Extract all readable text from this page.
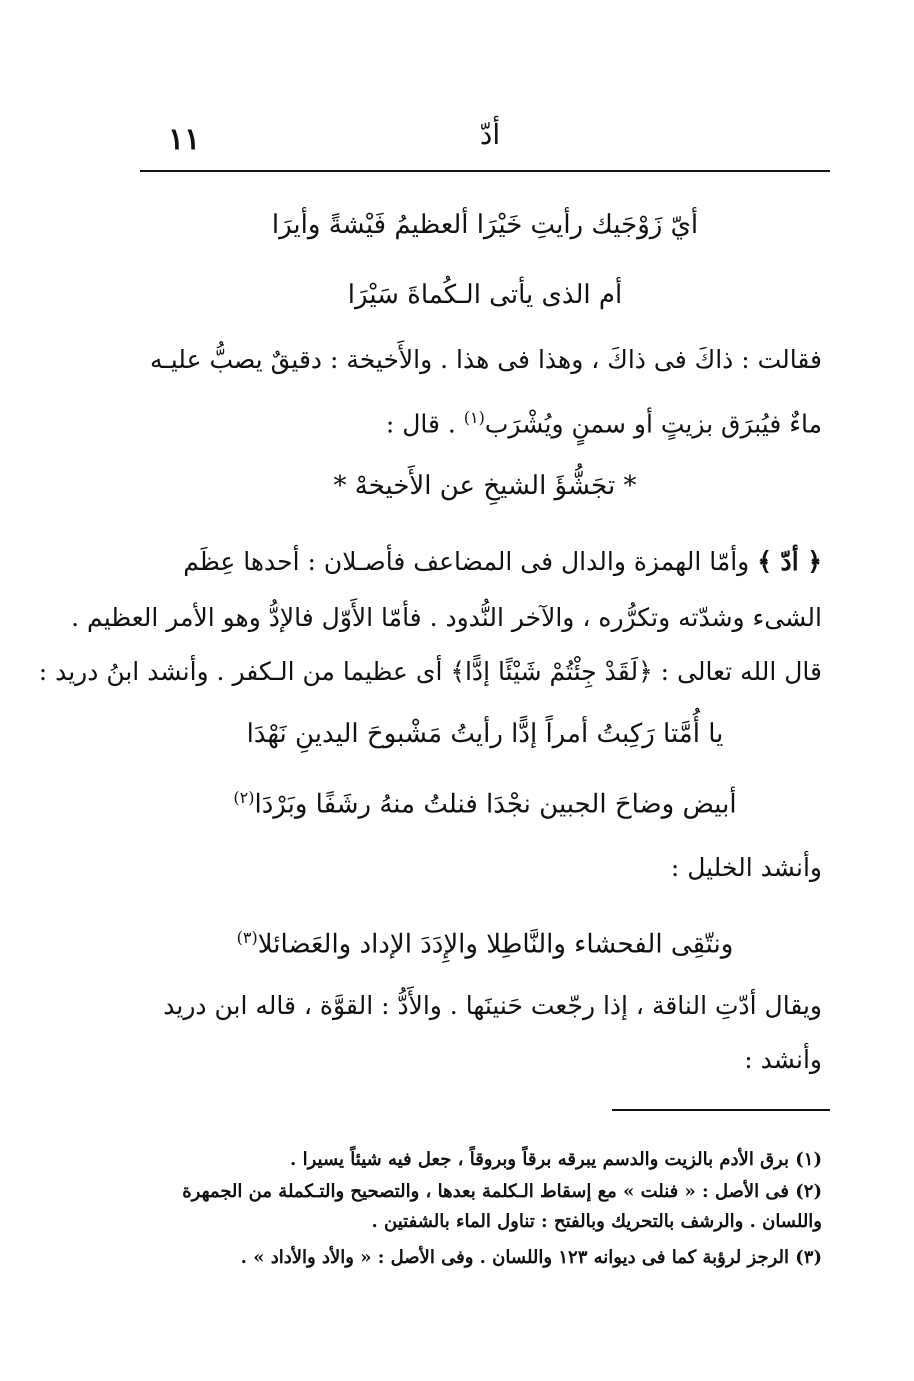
١١	أدّ
أيّ زَوْجَيك رأيتِ خَيْرَا ألعظيمُ فَيْشةً وأيرَا
أم الذى يأتى الـكُماةَ سَيْرَا
فقالت : ذاكَ فى ذاكَ ، وهذا فى هذا . والأَخيخة : دقيقٌ يصبُّ عليـه
ماءٌ فيُبرَق بزيتٍ أو سمنٍ ويُشْرَب$^{(١)}$ . قال :
* تجَشُّؤَ الشيخِ عن الأَخيخهْ *
﴿ أدّ ﴾ وأمّا الهمزة والدال فى المضاعف فأصـلان : أحدها عِظَم
الشىء وشدّته وتكرُّره ، والآخر النُّدود . فأمّا الأَوّل فالإدُّ وهو الأمر العظيم .
قال الله تعالى : ﴿لَقَدْ جِئْتُمْ شَيْئًا إدًّا﴾ أى عظيما من الـكفر . وأنشد ابنُ دريد :
يا أُمَّتا رَكِبتُ أمراً إدًّا رأيتُ مَشْبوحَ اليدينِ نَهْدَا
أبيض وضاحَ الجبين نجْدَا فنلتُ منهُ رشَفًا وبَرْدَا$^{(٢)}$
وأنشد الخليل :
ونتّقِى الفحشاء والنَّاطِلا والإِدَدَ الإداد والعَضائلا$^{(٣)}$
ويقال أدّتِ الناقة ، إذا رجّعت حَنينَها . والأَدُّ : القوَّة ، قاله ابن دريد
وأنشد :
(١) برق الأدم بالزيت والدسم يبرقه برقاً وبروقاً ، جعل فيه شيئاً يسيرا .
(٢) فى الأصل : « فنلت » مع إسقاط الـكلمة بعدها ، والتصحيح والتـكملة من الجمهرة
واللسان . والرشف بالتحريك وبالفتح : تناول الماء بالشفتين .
(٣) الرجز لرؤبة كما فى ديوانه ١٢٣ واللسان . وفى الأصل : « والأد والأداد » .
